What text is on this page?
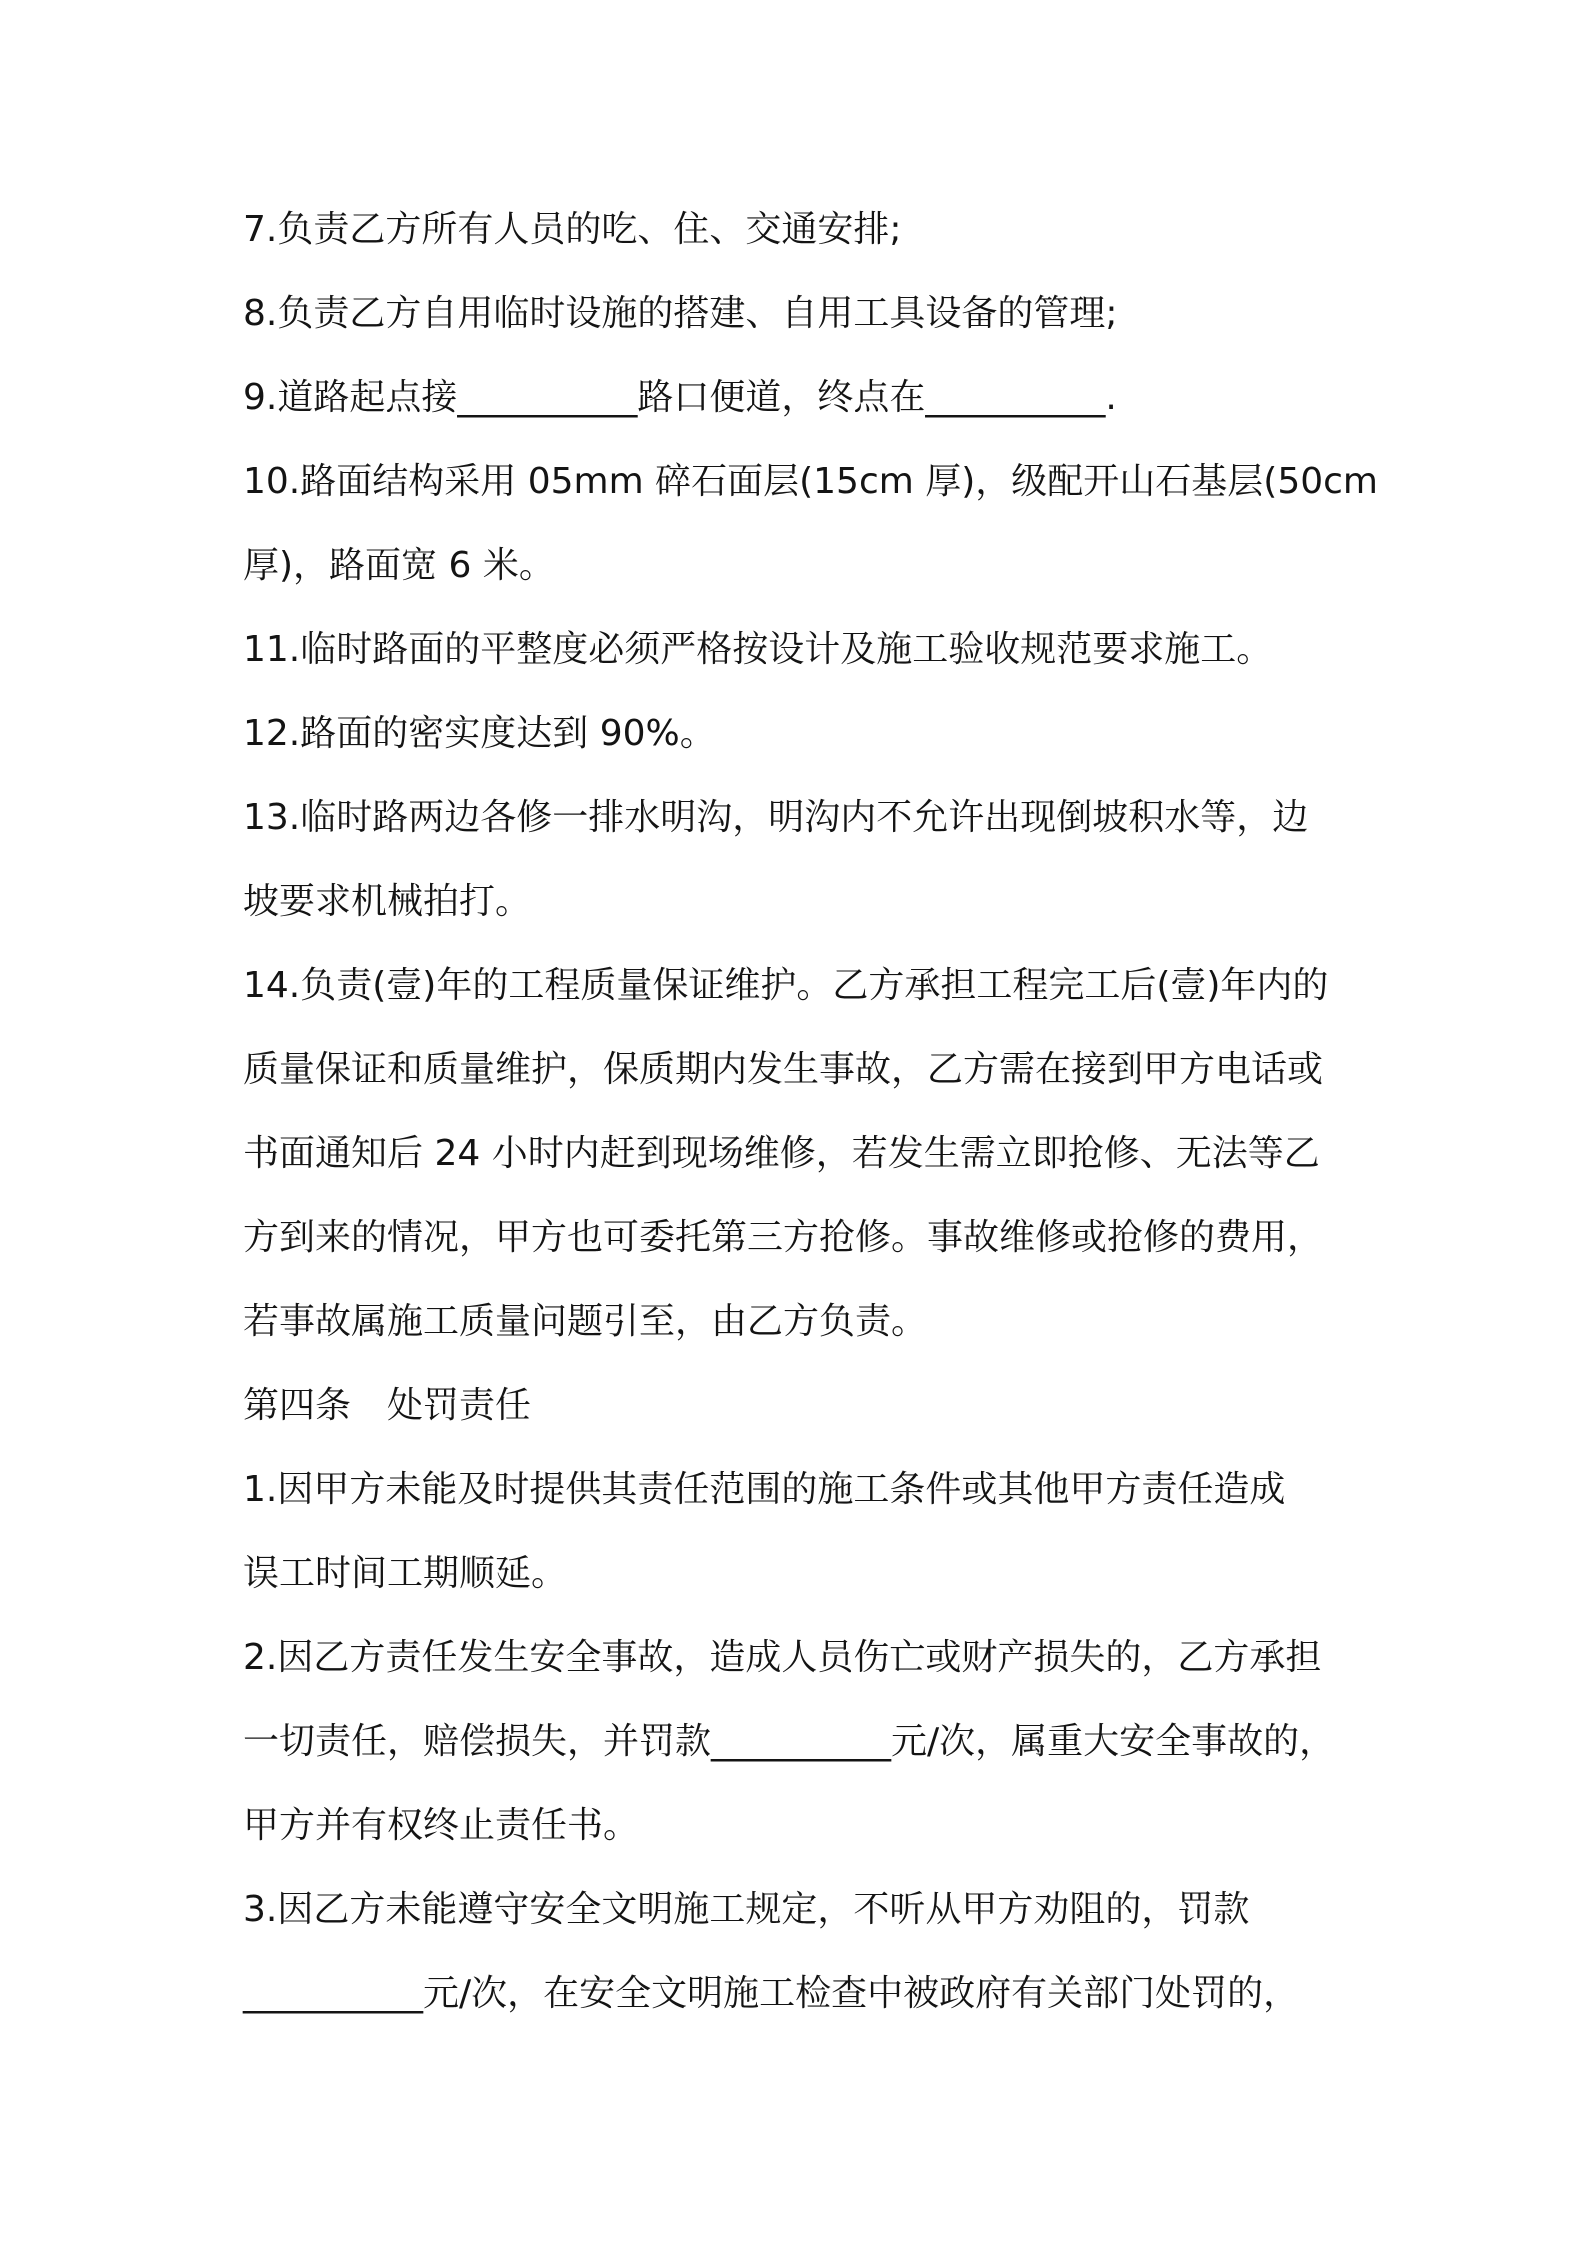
7.负责乙方所有人员的吃、住、交通安排;
8.负责乙方自用临时设施的搭建、自用工具设备的管理;
9.道路起点接__________路口便道，终点在__________.
10.路面结构采用 05mm 碎石面层(15cm 厚)，级配开山石基层(50cm
厚)，路面宽 6 米。
11.临时路面的平整度必须严格按设计及施工验收规范要求施工。
12.路面的密实度达到 90%。
13.临时路两边各修一排水明沟，明沟内不允许出现倒坡积水等，边
坡要求机械拍打。
14.负责(壹)年的工程质量保证维护。乙方承担工程完工后(壹)年内的
质量保证和质量维护，保质期内发生事故，乙方需在接到甲方电话或
书面通知后 24 小时内赶到现场维修，若发生需立即抢修、无法等乙
方到来的情况，甲方也可委托第三方抢修。事故维修或抢修的费用，
若事故属施工质量问题引至，由乙方负责。
第四条　处罚责任
1.因甲方未能及时提供其责任范围的施工条件或其他甲方责任造成
误工时间工期顺延。
2.因乙方责任发生安全事故，造成人员伤亡或财产损失的，乙方承担
一切责任，赔偿损失，并罚款__________元/次，属重大安全事故的，
甲方并有权终止责任书。
3.因乙方未能遵守安全文明施工规定，不听从甲方劝阻的，罚款
__________元/次，在安全文明施工检查中被政府有关部门处罚的，
